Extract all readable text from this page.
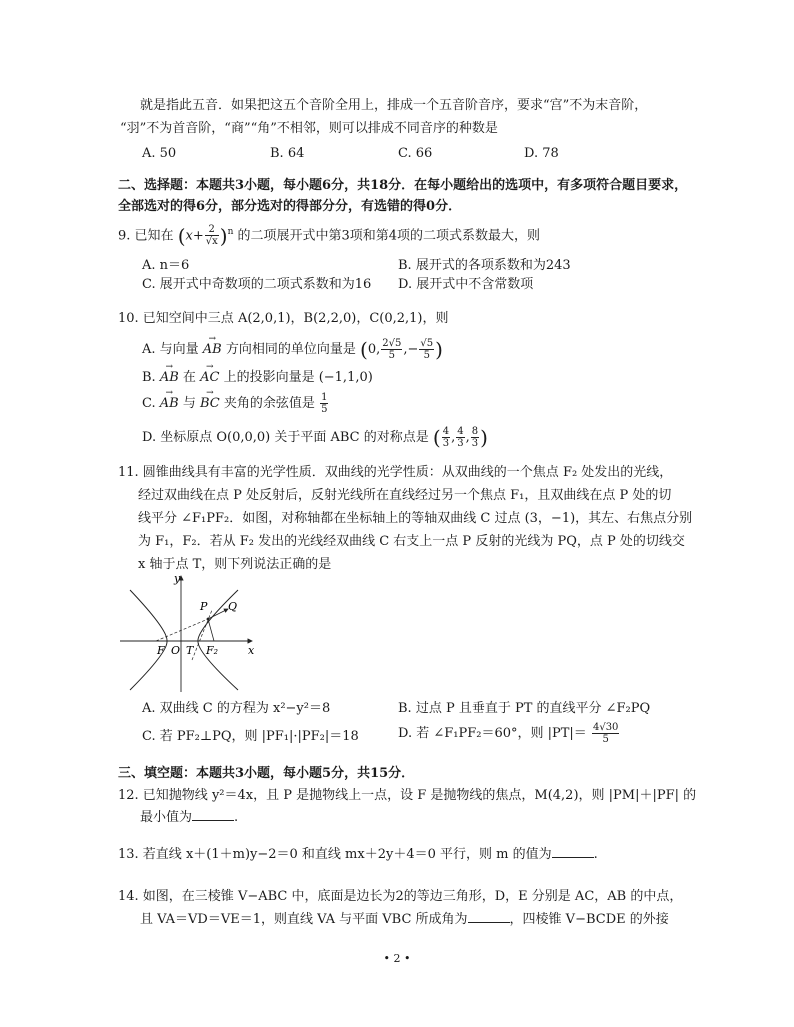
就是指此五音．如果把这五个音阶全用上，排成一个五音阶音序，要求“宫”不为末音阶，
“羽”不为首音阶，“商”“角”不相邻，则可以排成不同音序的种数是
A. 50	B. 64	C. 66	D. 78
二、选择题：本题共3小题，每小题6分，共18分．在每小题给出的选项中，有多项符合题目要求，
全部选对的得6分，部分选对的得部分分，有选错的得0分．
9. 已知在 $(x+ \frac{2}{√x} )^n$ 的二项展开式中第3项和第4项的二项式系数最大，则
A. n＝6	B. 展开式的各项系数和为243
C. 展开式中奇数项的二项式系数和为16 D. 展开式中不含常数项
10. 已知空间中三点 A(2,0,1)，B(2,2,0)，C(0,2,1)，则
A. 与向量 → AB 方向相同的单位向量是 (0, $\frac{2√5}{5}$ ,− $\frac{√5}{5}$ )
B. → AB 在 → AC 上的投影向量是 (−1,1,0)
C. → AB 与 → BC 夹角的余弦值是 $\frac{1}{5}$
D. 坐标原点 O(0,0,0) 关于平面 ABC 的对称点是 ( $\frac{4}{3}$ , $\frac{4}{3}$ , $\frac{8}{3}$ )
11. 圆锥曲线具有丰富的光学性质．双曲线的光学性质：从双曲线的一个焦点 F₂ 处发出的光线，
经过双曲线在点 P 处反射后，反射光线所在直线经过另一个焦点 F₁，且双曲线在点 P 处的切
线平分 ∠F₁PF₂．如图，对称轴都在坐标轴上的等轴双曲线 C 过点 (3，−1)，其左、右焦点分别
为 F₁，F₂．若从 F₂ 发出的光线经双曲线 C 右支上一点 P 反射的光线为 PQ，点 P 处的切线交
x 轴于点 T，则下列说法正确的是
y
x
P Q
F O T F₂
A. 双曲线 C 的方程为 x²−y²＝8	B. 过点 P 且垂直于 PT 的直线平分 ∠F₂PQ
C. 若 PF₂⊥PQ，则 |PF₁|·|PF₂|＝18	D. 若 ∠F₁PF₂＝60°，则 $|PT|= \frac{4√30}{5}$
三、填空题：本题共3小题，每小题5分，共15分．
12. 已知抛物线 y²＝4x，且 P 是抛物线上一点，设 F 是抛物线的焦点，M(4,2)，则 |PM|＋|PF| 的
最小值为	.
13. 若直线 x＋(1＋m)y−2＝0 和直线 mx＋2y＋4＝0 平行，则 m 的值为	.
14. 如图，在三棱锥 V−ABC 中，底面是边长为2的等边三角形，D，E 分别是 AC，AB 的中点，
且 VA＝VD＝VE＝1，则直线 VA 与平面 VBC 所成角为	，四棱锥 V−BCDE 的外接
• 2 •
